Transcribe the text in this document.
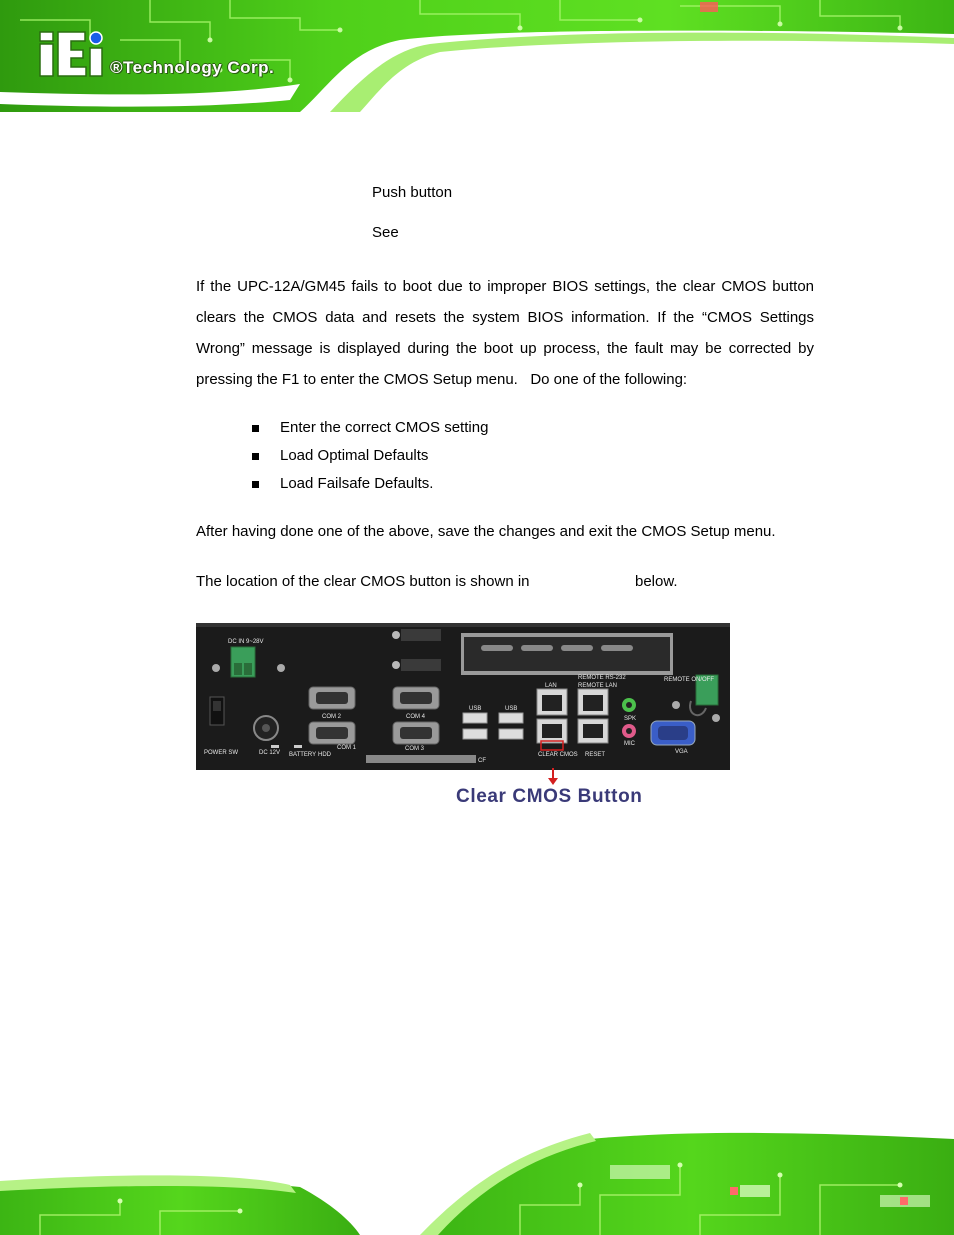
®Technology Corp.
Push button
See
If the UPC-12A/GM45 fails to boot due to improper BIOS settings, the clear CMOS button clears the CMOS data and resets the system BIOS information. If the “CMOS Settings Wrong” message is displayed during the boot up process, the fault may be corrected by pressing the F1 to enter the CMOS Setup menu.   Do one of the following:
Enter the correct CMOS setting
Load Optimal Defaults
Load Failsafe Defaults.
After having done one of the above, save the changes and exit the CMOS Setup menu.
The location of the clear CMOS button is shown in	below.
DC IN 9~28V
POWER SW	DC 12V
COM 2	COM 4
COM 1	COM 3
USB	USB
LAN
REMOTE RS-232
REMOTE LAN
REMOTE ON/OFF
SPK
MIC
VGA
CF
RESET
CLEAR CMOS
BATTERY HDD
Clear CMOS Button
